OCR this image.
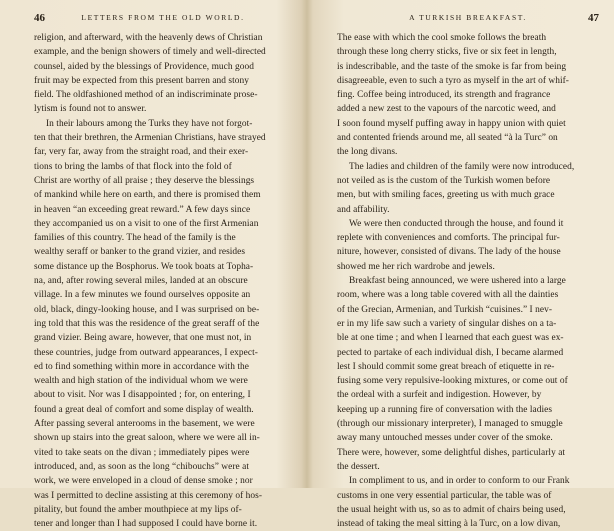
46	LETTERS FROM THE OLD WORLD.
religion, and afterward, with the heavenly dews of Christian
example, and the benign showers of timely and well-directed
counsel, aided by the blessings of Providence, much good
fruit may be expected from this present barren and stony
field. The oldfashioned method of an indiscriminate prose-
lytism is found not to answer.
In their labours among the Turks they have not forgot-
ten that their brethren, the Armenian Christians, have strayed
far, very far, away from the straight road, and their exer-
tions to bring the lambs of that flock into the fold of
Christ are worthy of all praise ; they deserve the blessings
of mankind while here on earth, and there is promised them
in heaven “an exceeding great reward.” A few days since
they accompanied us on a visit to one of the first Armenian
families of this country. The head of the family is the
wealthy seraff or banker to the grand vizier, and resides
some distance up the Bosphorus. We took boats at Topha-
na, and, after rowing several miles, landed at an obscure
village. In a few minutes we found ourselves opposite an
old, black, dingy-looking house, and I was surprised on be-
ing told that this was the residence of the great seraff of the
grand vizier. Being aware, however, that one must not, in
these countries, judge from outward appearances, I expect-
ed to find something within more in accordance with the
wealth and high station of the individual whom we were
about to visit. Nor was I disappointed ; for, on entering, I
found a great deal of comfort and some display of wealth.
After passing several anterooms in the basement, we were
shown up stairs into the great saloon, where we were all in-
vited to take seats on the divan ; immediately pipes were
introduced, and, as soon as the long “chibouchs” were at
work, we were enveloped in a cloud of dense smoke ; nor
was I permitted to decline assisting at this ceremony of hos-
pitality, but found the amber mouthpiece at my lips of-
tener and longer than I had supposed I could have borne it.
A TURKISH BREAKFAST.	47
The ease with which the cool smoke follows the breath
through these long cherry sticks, five or six feet in length,
is indescribable, and the taste of the smoke is far from being
disagreeable, even to such a tyro as myself in the art of whif-
fing. Coffee being introduced, its strength and fragrance
added a new zest to the vapours of the narcotic weed, and
I soon found myself puffing away in happy union with quiet
and contented friends around me, all seated “à la Turc” on
the long divans.
The ladies and children of the family were now introduced,
not veiled as is the custom of the Turkish women before
men, but with smiling faces, greeting us with much grace
and affability.
We were then conducted through the house, and found it
replete with conveniences and comforts. The principal fur-
niture, however, consisted of divans. The lady of the house
showed me her rich wardrobe and jewels.
Breakfast being announced, we were ushered into a large
room, where was a long table covered with all the dainties
of the Grecian, Armenian, and Turkish “cuisines.” I nev-
er in my life saw such a variety of singular dishes on a ta-
ble at one time ; and when I learned that each guest was ex-
pected to partake of each individual dish, I became alarmed
lest I should commit some great breach of etiquette in re-
fusing some very repulsive-looking mixtures, or come out of
the ordeal with a surfeit and indigestion. However, by
keeping up a running fire of conversation with the ladies
(through our missionary interpreter), I managed to smuggle
away many untouched messes under cover of the smoke.
There were, however, some delightful dishes, particularly at
the dessert.
In compliment to us, and in order to conform to our Frank
customs in one very essential particular, the table was of
the usual height with us, so as to admit of chairs being used,
instead of taking the meal sitting à la Turc, on a low divan,
